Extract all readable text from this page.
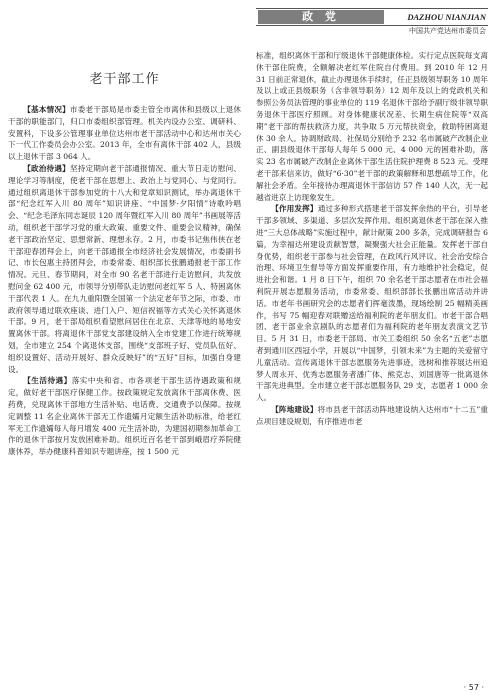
政 党	DAZHOU NIANJIAN
中国共产党达州市委员会
老干部工作

【基本情况】市委老干部局是市委主管全市离休和县级以上退休干部的职能部门，归口市委组织部管理。机关内设办公室、调研科、安置科，下设多公管理事业单位达州市老干部活动中心和达州市关心下一代工作委员会办公室。2013 年，全市有离休干部 402 人，县级以上退休干部 3 064 人。

【政治待遇】坚持定期向老干部通报情况、重大节日走访慰问、理论学习等制度，使老干部在思想上、政治上与党同心、与党同行。通过组织离退休干部参加党的十八大和党章知识测试，举办离退休干部“纪念红军入川 80 周年”知识讲座、“中国梦·夕阳情”诗歌吟唱会、“纪念毛泽东同志诞辰 120 周年暨红军入川 80 周年”书画展等活动，组织老干部学习党的重大政策、重要文件、重要会议精神，确保老干部政治坚定、思想常新、理想永存。2 月，市委书记焦伟侠在老干部迎春团拜会上，向老干部通报全市经济社会发展情况，市委副书记、市长包惠主持团拜会，市委常委、组织部长张鹏通报老干部工作情况。元旦、春节期间，对全市 90 名老干部进行走访慰问，共发放慰问金 62 400 元，市领导分别带队走访慰问老红军 5 人、特困离休干部代表 1 人。在九九重阳暨全国第一个法定老年节之际，市委、市政府领导通过联欢座谈、进门入户、短信祝福等方式关心关怀离退休干部。9 月，老干部局组织看望慰问居住在北京、天津等地的易地安置离休干部。将离退休干部党支部建设纳入全市党建工作进行统筹规划，全市建立 254 个离退休支部，围绕“支部班子好、党员队伍好、组织设置好、活动开展好、群众反映好”的“五好”目标，加强自身建设。

【生活待遇】落实中央和省、市各项老干部生活待遇政策和规定，做好老干部医疗保健工作。按政策规定发放离休干部离休费、医药费，兑现离休干部地方生活补贴、电话费、交通费予以保障。按规定调整 11 名企业离休干部无工作遗孀月定额生活补助标准，给老红军无工作遗孀每人每月增发 400 元生活补助，为建国初期参加革命工作的退休干部按月发放困难补助。组织近百名老干部到峨眉疗养院健康休养，举办健康科普知识专题讲座，按 1 500 元

标准，组织离休干部和厅级退休干部健康体检。实行定点医院每支离休干部住院费，全额解决老红军住院自付费用。到 2010 年 12 月 31 日前正常退休，截止办理退休手续时，任正县级领导职务 10 周年及以上或正县级职务（含非领导职务）12 周年及以上的党政机关和参照公务员法管理的事业单位的 119 名退休干部给予副厅级非领导职务退休干部医疗照顾。对身体健康状况差、长期生病住院等“双高期”老干部的帮扶救济力度，共争取 5 万元帮扶资金，救助特困离退休 30 余人。协调财政局、社保局分别给予 232 名市属破产改制企业正、副县级退休干部每人每年 5 000 元、4 000 元的困难补助，落实 23 名市属破产改制企业离休干部生活住院护理费 8 523 元。受理老干部来信来访，做好“6·30”老干部的政策解释和思想疏导工作，化解社会矛盾。全年接待办理离退休干部信访 57 件 140 人次，无一起越省进京上访现象发生。

【作用发挥】通过多种形式搭建老干部发挥余热的平台，引导老干部多领域、多渠道、多层次发挥作用。组织离退休老干部在深入推进“三大总体战略”实施过程中，献计献策 200 多条，完成调研报告 6 篇，为幸福达州建设贡献智慧，凝聚强大社会正能量。发挥老干部自身优势，组织老干部参与社会管理，在政风行风评议、社会治安综合治理、环境卫生督导等方面发挥重要作用，有力地维护社会稳定，促进社会和谐。1 月 8 日下午，组织 70 余名老干部志愿者在市社会福利院开展志愿服务活动，市委常委、组织部部长张鹏出席活动并讲话。市老年书画研究会的志愿者们挥毫泼墨，现场绘制 25 幅精美画作，书写 75 幅迎春对联赠送给福利院的老年朋友们。市老干部合唱团、老干部业余京剧队的志愿者们为福利院的老年朋友表演文艺节目。5 月 31 日，市委老干部局、市关工委组织 50 余名“五老”志愿者到通川区西冠小学，开展以“中国梦，引领未来”为主题的关爱留守儿童活动。宣传离退休干部志愿服务先进事迹，选树和推荐展达州追梦人周永开、优秀志愿服务者潘广体、熊克志、刘国唐等一批离退休干部先进典型。全市建立老干部志愿服务队 29 支，志愿者 1 000 余人。

【阵地建设】将市县老干部活动阵地建设纳入达州市“十二五”重点项目建设规划，有序推进市老

· 57 ·
